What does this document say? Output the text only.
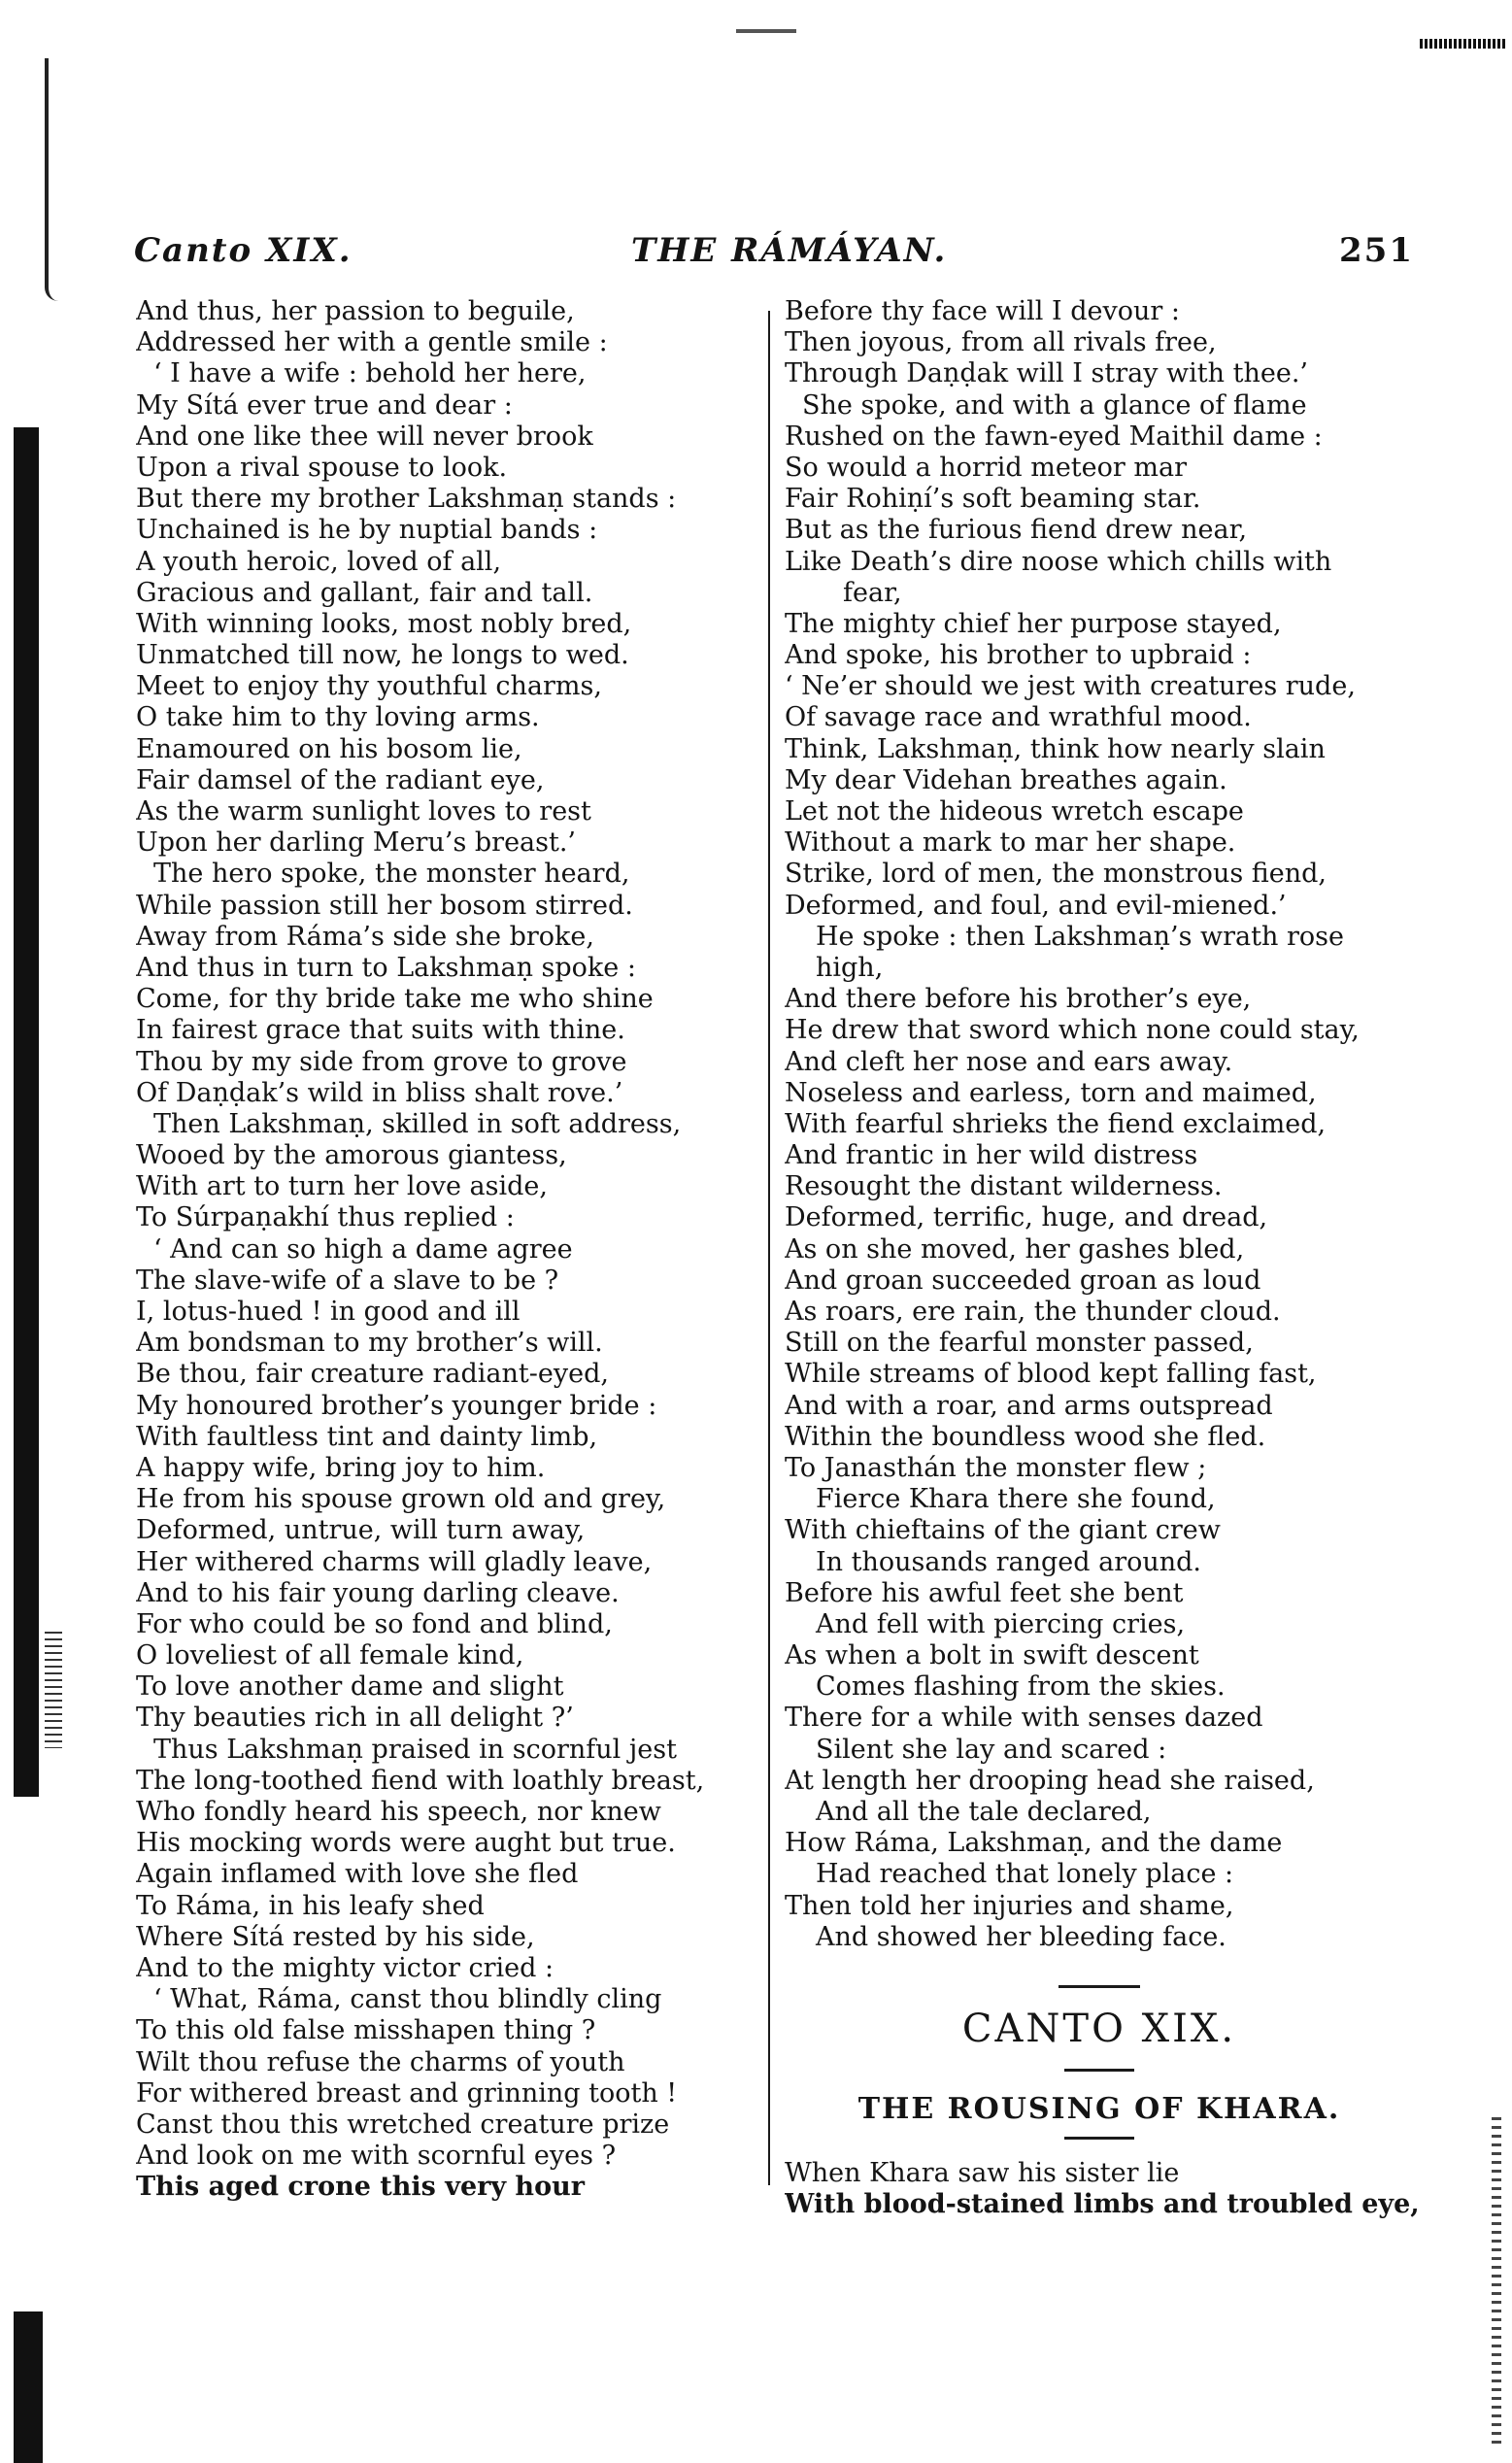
Canto XIX.	THE RÁMÁYAN.	251
And thus, her passion to beguile,
Addressed her with a gentle smile :
‘ I have a wife : behold her here,
My Sítá ever true and dear :
And one like thee will never brook
Upon a rival spouse to look.
But there my brother Lakshmaṇ stands :
Unchained is he by nuptial bands :
A youth heroic, loved of all,
Gracious and gallant, fair and tall.
With winning looks, most nobly bred,
Unmatched till now, he longs to wed.
Meet to enjoy thy youthful charms,
O take him to thy loving arms.
Enamoured on his bosom lie,
Fair damsel of the radiant eye,
As the warm sunlight loves to rest
Upon her darling Meru’s breast.’
The hero spoke, the monster heard,
While passion still her bosom stirred.
Away from Ráma’s side she broke,
And thus in turn to Lakshmaṇ spoke :
Come, for thy bride take me who shine
In fairest grace that suits with thine.
Thou by my side from grove to grove
Of Daṇḍak’s wild in bliss shalt rove.’
Then Lakshmaṇ, skilled in soft address,
Wooed by the amorous giantess,
With art to turn her love aside,
To Súrpaṇakhí thus replied :
‘ And can so high a dame agree
The slave-wife of a slave to be ?
I, lotus-hued ! in good and ill
Am bondsman to my brother’s will.
Be thou, fair creature radiant-eyed,
My honoured brother’s younger bride :
With faultless tint and dainty limb,
A happy wife, bring joy to him.
He from his spouse grown old and grey,
Deformed, untrue, will turn away,
Her withered charms will gladly leave,
And to his fair young darling cleave.
For who could be so fond and blind,
O loveliest of all female kind,
To love another dame and slight
Thy beauties rich in all delight ?’
Thus Lakshmaṇ praised in scornful jest
The long-toothed fiend with loathly breast,
Who fondly heard his speech, nor knew
His mocking words were aught but true.
Again inflamed with love she fled
To Ráma, in his leafy shed
Where Sítá rested by his side,
And to the mighty victor cried :
‘ What, Ráma, canst thou blindly cling
To this old false misshapen thing ?
Wilt thou refuse the charms of youth
For withered breast and grinning tooth !
Canst thou this wretched creature prize
And look on me with scornful eyes ?
This aged crone this very hour
Before thy face will I devour :
Then joyous, from all rivals free,
Through Daṇḍak will I stray with thee.’
She spoke, and with a glance of flame
Rushed on the fawn-eyed Maithil dame :
So would a horrid meteor mar
Fair Rohiṇí’s soft beaming star.
But as the furious fiend drew near,
Like Death’s dire noose which chills with
fear,
The mighty chief her purpose stayed,
And spoke, his brother to upbraid :
‘ Ne’er should we jest with creatures rude,
Of savage race and wrathful mood.
Think, Lakshmaṇ, think how nearly slain
My dear Videhan breathes again.
Let not the hideous wretch escape
Without a mark to mar her shape.
Strike, lord of men, the monstrous fiend,
Deformed, and foul, and evil-miened.’
He spoke : then Lakshmaṇ’s wrath rose
high,
And there before his brother’s eye,
He drew that sword which none could stay,
And cleft her nose and ears away.
Noseless and earless, torn and maimed,
With fearful shrieks the fiend exclaimed,
And frantic in her wild distress
Resought the distant wilderness.
Deformed, terrific, huge, and dread,
As on she moved, her gashes bled,
And groan succeeded groan as loud
As roars, ere rain, the thunder cloud.
Still on the fearful monster passed,
While streams of blood kept falling fast,
And with a roar, and arms outspread
Within the boundless wood she fled.
To Janasthán the monster flew ;
Fierce Khara there she found,
With chieftains of the giant crew
In thousands ranged around.
Before his awful feet she bent
And fell with piercing cries,
As when a bolt in swift descent
Comes flashing from the skies.
There for a while with senses dazed
Silent she lay and scared :
At length her drooping head she raised,
And all the tale declared,
How Ráma, Lakshmaṇ, and the dame
Had reached that lonely place :
Then told her injuries and shame,
And showed her bleeding face.
CANTO XIX.
THE ROUSING OF KHARA.
When Khara saw his sister lie
With blood-stained limbs and troubled eye,
